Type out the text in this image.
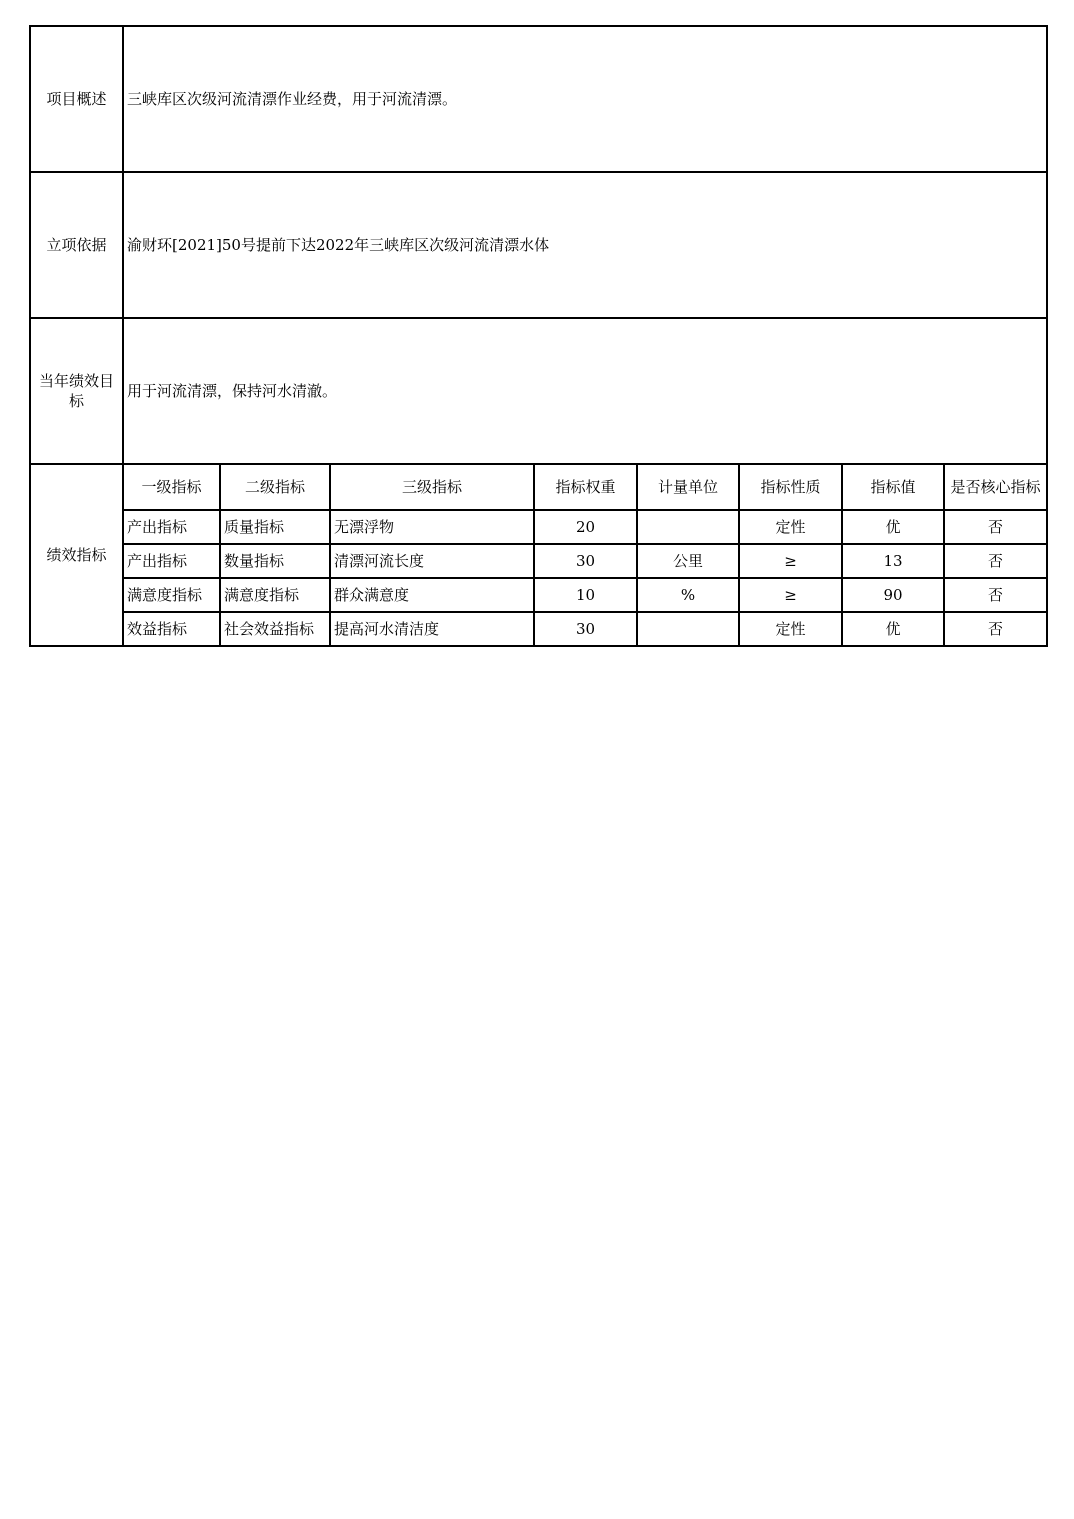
项目概述	三峡库区次级河流清漂作业经费，用于河流清漂。							
立项依据	渝财环[2021]50号提前下达2022年三峡库区次级河流清漂水体							
当年绩效目标	用于河流清漂，保持河水清澈。							
绩效指标	一级指标	二级指标	三级指标	指标权重	计量单位	指标性质	指标值	是否核心指标
	产出指标	质量指标	无漂浮物	20		定性	优	否
	产出指标	数量指标	清漂河流长度	30	公里	≥	13	否
	满意度指标	满意度指标	群众满意度	10	%	≥	90	否
	效益指标	社会效益指标	提高河水清洁度	30		定性	优	否
